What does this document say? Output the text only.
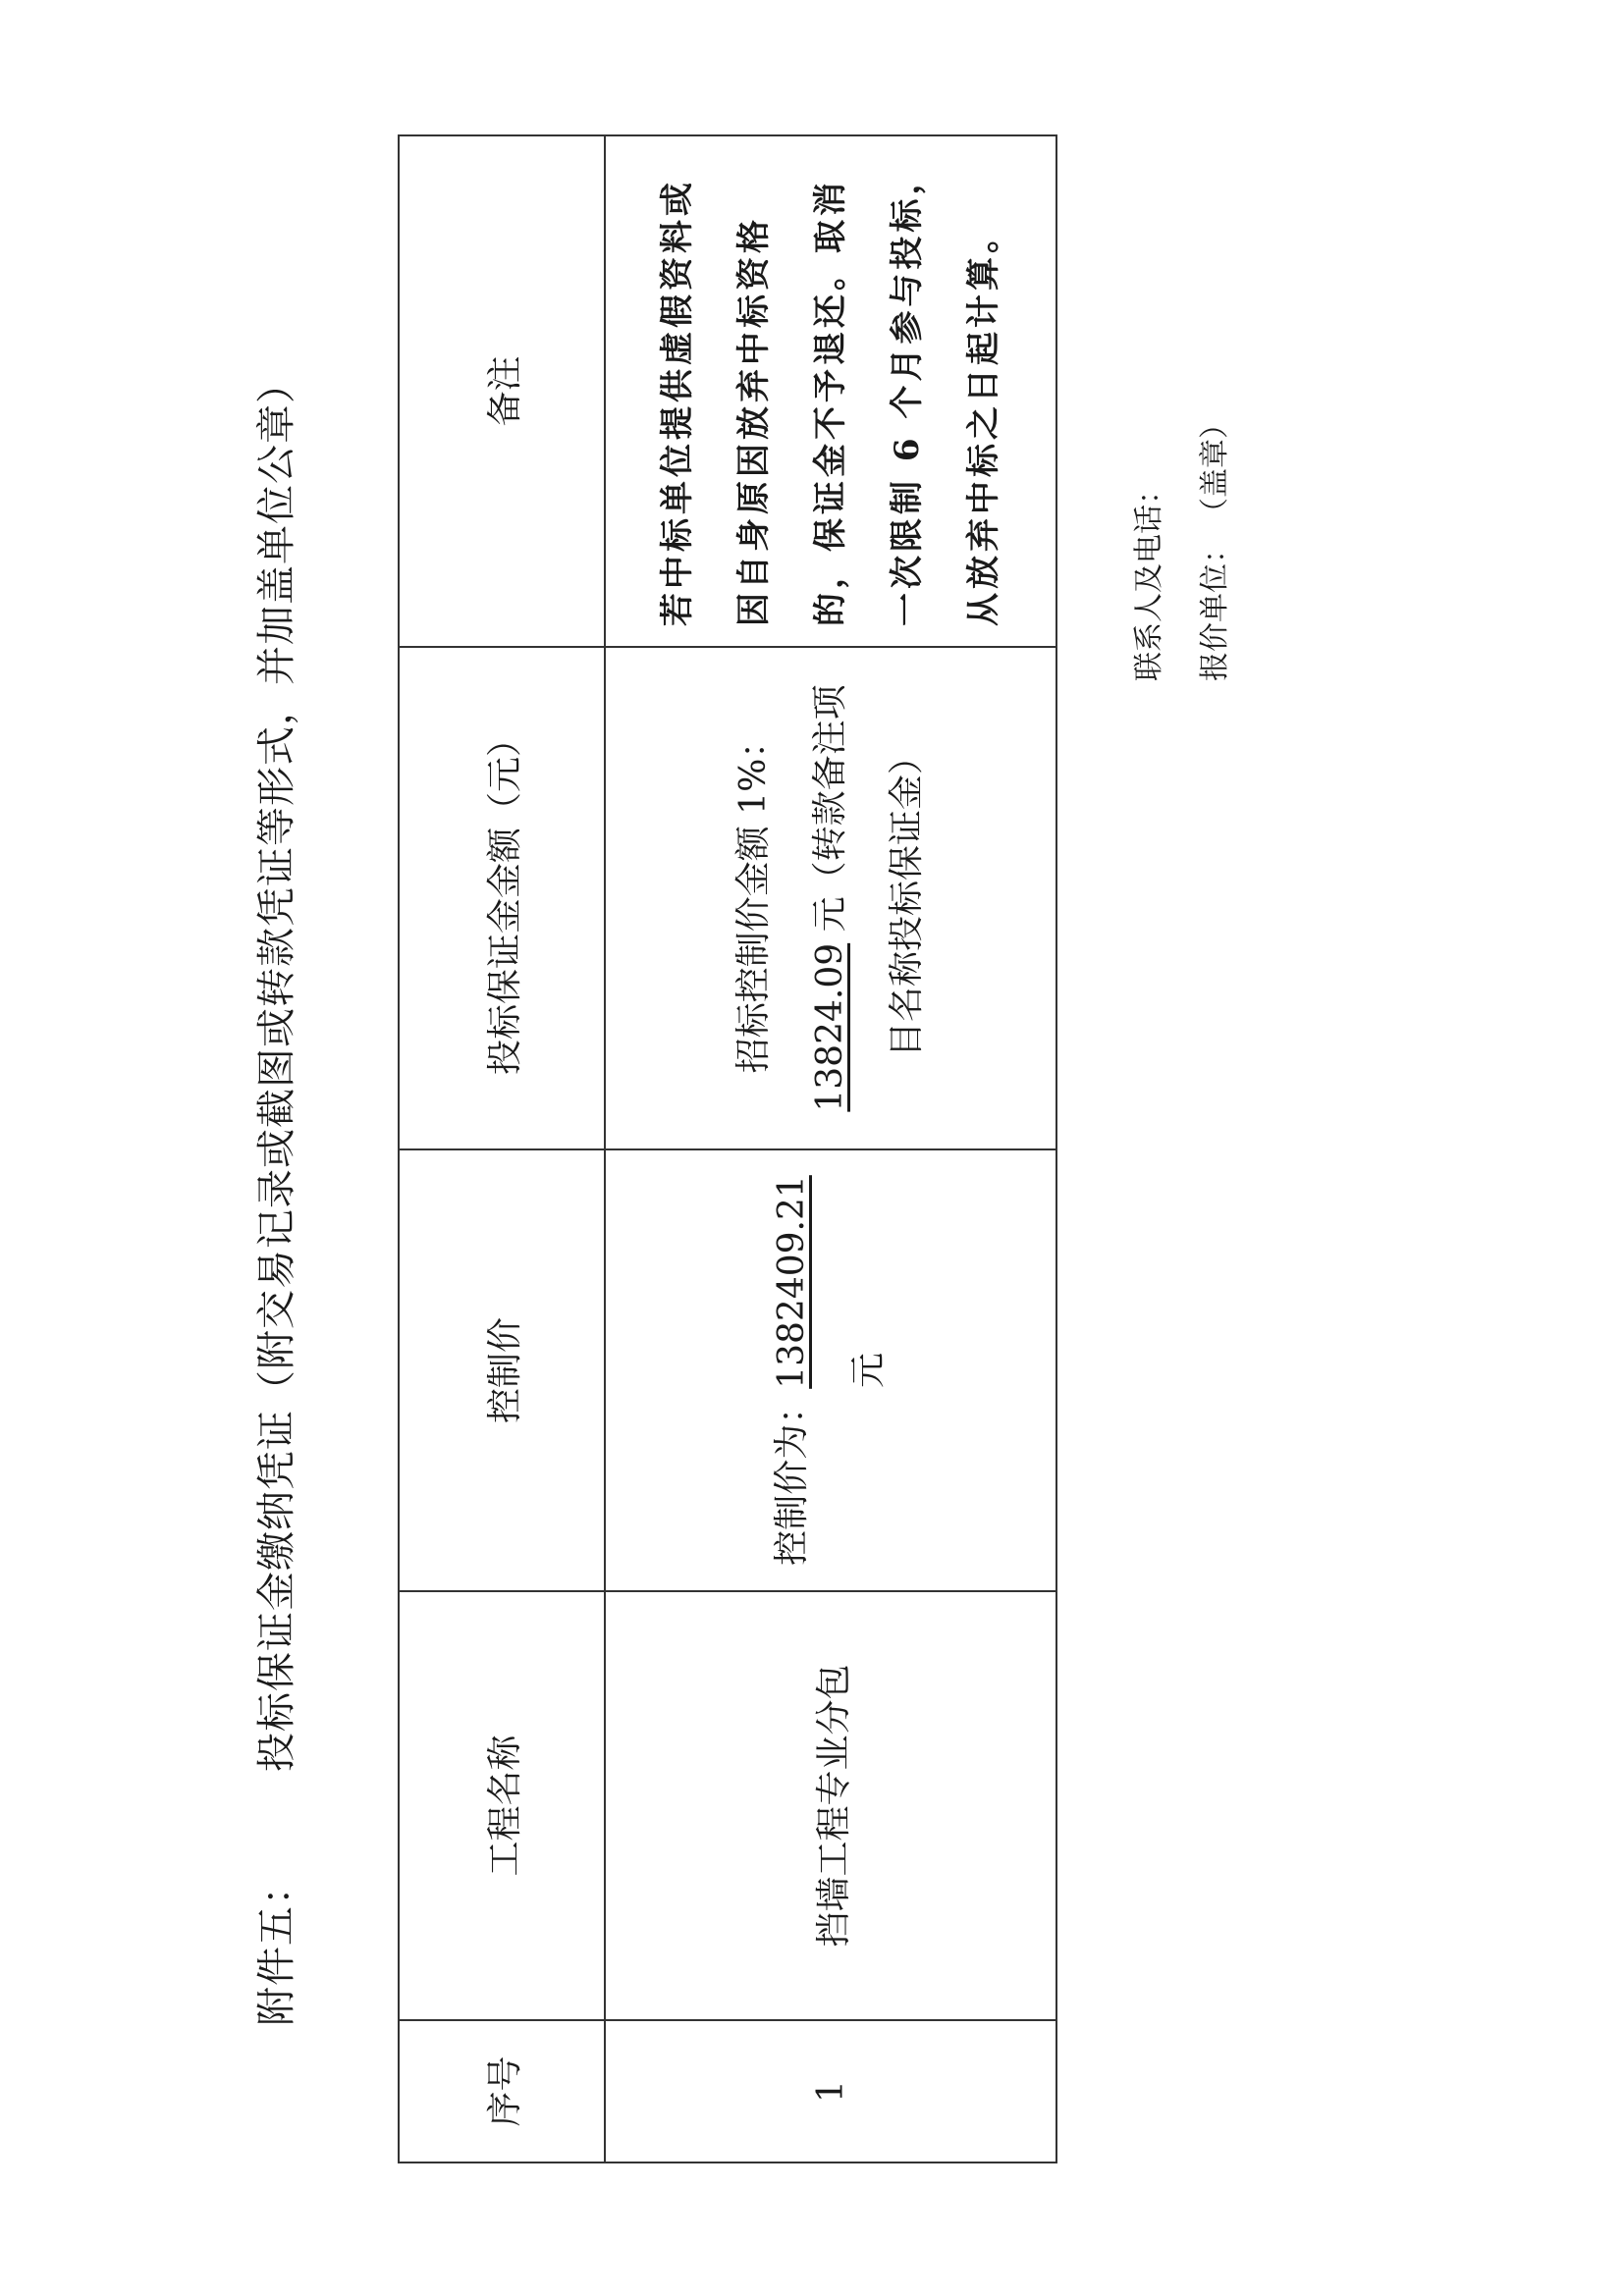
附件五：投标保证金缴纳凭证（附交易记录或截图或转款凭证等形式，并加盖单位公章）
序号	工程名称	控制价	投标保证金金额（元）	备注
1	挡墙工程专业分包	控制价为：1382409.21 元	招标控制价金额 1%： 13824.09 元（转款备注项 目名称投标保证金）	若中标单位提供虚假资料或 因自身原因放弃中标资格 的，保证金不予退还。取消 一次限制 6 个月参与投标， 从放弃中标之日起计算。	联系人及电话： 报价单位：（盖章）
